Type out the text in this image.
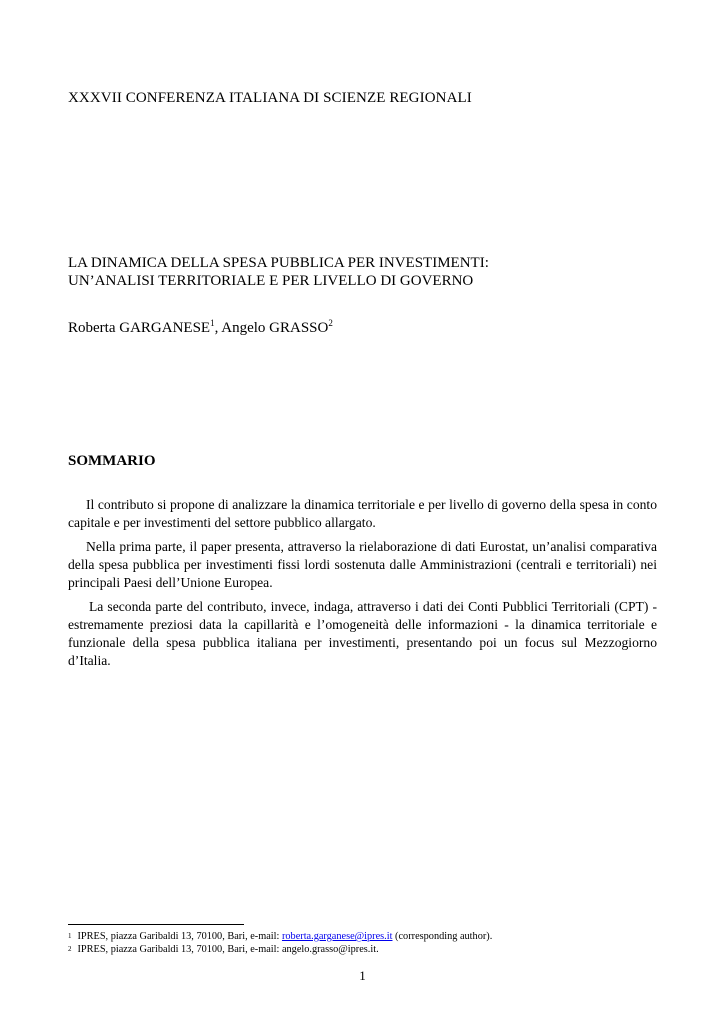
XXXVII CONFERENZA ITALIANA DI SCIENZE REGIONALI
LA DINAMICA DELLA SPESA PUBBLICA PER INVESTIMENTI:
UN’ANALISI TERRITORIALE E PER LIVELLO DI GOVERNO
Roberta GARGANESE$^1$, Angelo GRASSO$^2$
SOMMARIO

Il contributo si propone di analizzare la dinamica territoriale e per livello di governo della spesa in conto capitale e per investimenti del settore pubblico allargato.

Nella prima parte, il paper presenta, attraverso la rielaborazione di dati Eurostat, un’analisi comparativa della spesa pubblica per investimenti fissi lordi sostenuta dalle Amministrazioni (centrali e territoriali) nei principali Paesi dell’Unione Europea.

La seconda parte del contributo, invece, indaga, attraverso i dati dei Conti Pubblici Territoriali (CPT) - estremamente preziosi data la capillarità e l’omogeneità delle informazioni - la dinamica territoriale e funzionale della spesa pubblica italiana per investimenti, presentando poi un focus sul Mezzogiorno d’Italia.

$^1$ IPRES, piazza Garibaldi 13, 70100, Bari, e-mail: roberta.garganese@ipres.it (corresponding author).
$^2$ IPRES, piazza Garibaldi 13, 70100, Bari, e-mail: angelo.grasso@ipres.it.
1
